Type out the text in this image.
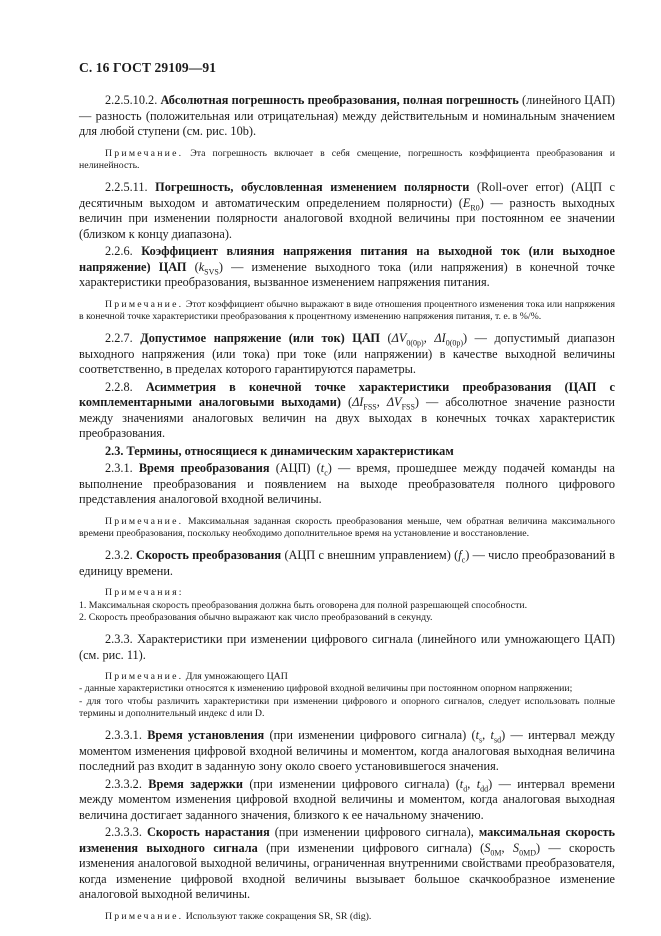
С. 16 ГОСТ 29109—91

2.2.5.10.2. Абсолютная погрешность преобразования, полная погрешность (линейного ЦАП) — разность (положительная или отрицательная) между действительным и номинальным значением для любой ступени (см. рис. 10b).

Примечание. Эта погрешность включает в себя смещение, погрешность коэффициента преобразования и нелинейность.

2.2.5.11. Погрешность, обусловленная изменением полярности (Roll-over error) (АЦП с десятичным выходом и автоматическим определением полярности) $(E_{R0})$ — разность выходных величин при изменении полярности аналоговой входной величины при постоянном ее значении (близком к концу диапазона).

2.2.6. Коэффициент влияния напряжения питания на выходной ток (или выходное напряжение) ЦАП $(k_{SVS})$ — изменение выходного тока (или напряжения) в конечной точке характеристики преобразования, вызванное изменением напряжения питания.

Примечание. Этот коэффициент обычно выражают в виде отношения процентного изменения тока или напряжения в конечной точке характеристики преобразования к процентному изменению напряжения питания, т. е. в %/%.

2.2.7. Допустимое напряжение (или ток) ЦАП ($\Delta V_{0(0p)}$, $\Delta I_{0(0p)}$) — допустимый диапазон выходного напряжения (или тока) при токе (или напряжении) в качестве выходной величины соответственно, в пределах которого гарантируются параметры.

2.2.8. Асимметрия в конечной точке характеристики преобразования (ЦАП с комплементарными аналоговыми выходами) ($\Delta I_{FSS}$, $\Delta V_{FSS}$) — абсолютное значение разности между значениями аналоговых величин на двух выходах в конечных точках характеристик преобразования.

2.3. Термины, относящиеся к динамическим характеристикам

2.3.1. Время преобразования (АЦП) $(t_c)$ — время, прошедшее между подачей команды на выполнение преобразования и появлением на выходе преобразователя полного цифрового представления аналоговой входной величины.

Примечание. Максимальная заданная скорость преобразования меньше, чем обратная величина максимального времени преобразования, поскольку необходимо дополнительное время на установление и восстановление.

2.3.2. Скорость преобразования (АЦП с внешним управлением) $(f_c)$ — число преобразований в единицу времени.

Примечания:

1. Максимальная скорость преобразования должна быть оговорена для полной разрешающей способности.

2. Скорость преобразования обычно выражают как число преобразований в секунду.

2.3.3. Характеристики при изменении цифрового сигнала (линейного или умножающего ЦАП) (см. рис. 11).

Примечание. Для умножающего ЦАП

- данные характеристики относятся к изменению цифровой входной величины при постоянном опорном напряжении;

- для того чтобы различить характеристики при изменении цифрового и опорного сигналов, следует использовать полные термины и дополнительный индекс d или D.

2.3.3.1. Время установления (при изменении цифрового сигнала) ($t_s$, $t_{sd}$) — интервал между моментом изменения цифровой входной величины и моментом, когда аналоговая выходная величина последний раз входит в заданную зону около своего установившегося значения.

2.3.3.2. Время задержки (при изменении цифрового сигнала) ($t_d$, $t_{dd}$) — интервал времени между моментом изменения цифровой входной величины и моментом, когда аналоговая выходная величина достигает заданного значения, близкого к ее начальному значению.

2.3.3.3. Скорость нарастания (при изменении цифрового сигнала), максимальная скорость изменения выходного сигнала (при изменении цифрового сигнала) ($S_{0M}$, $S_{0MD}$) — скорость изменения аналоговой выходной величины, ограниченная внутренними свойствами преобразователя, когда изменение цифровой входной величины вызывает большое скачкообразное изменение аналоговой выходной величины.

Примечание. Используют также сокращения SR, SR (dig).
